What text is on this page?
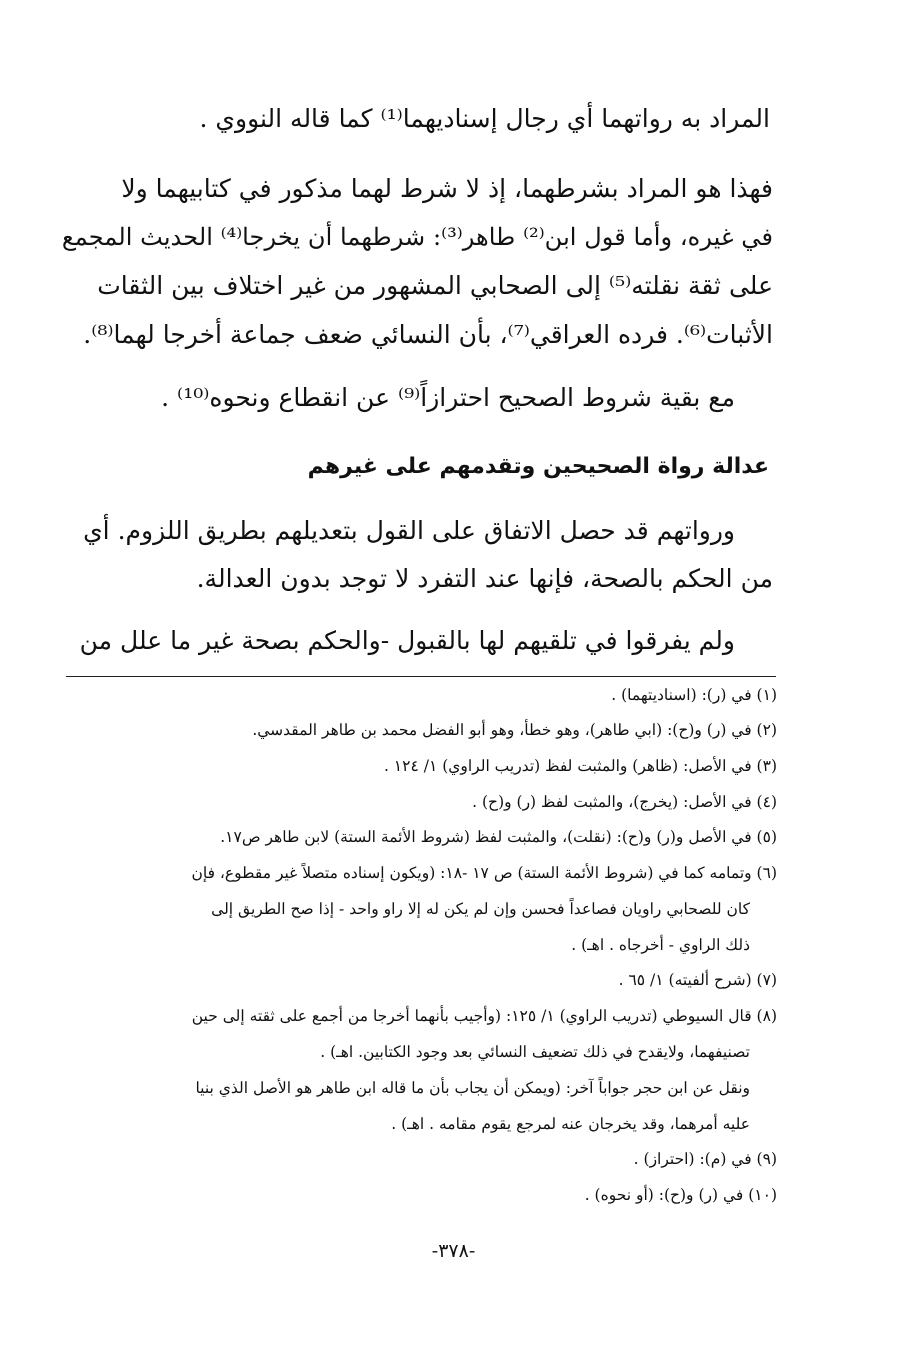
المراد به رواتهما أي رجال إسناديهما⁽¹⁾ كما قاله النووي .
فهذا هو المراد بشرطهما، إذ لا شرط لهما مذكور في كتابيهما ولا
في غيره، وأما قول ابن⁽²⁾ طاهر⁽³⁾: شرطهما أن يخرجا⁽⁴⁾ الحديث المجمع
على ثقة نقلته⁽⁵⁾ إلى الصحابي المشهور من غير اختلاف بين الثقات
الأثبات⁽⁶⁾. فرده العراقي⁽⁷⁾، بأن النسائي ضعف جماعة أخرجا لهما⁽⁸⁾.
مع بقية شروط الصحيح احترازاً⁽⁹⁾ عن انقطاع ونحوه⁽¹⁰⁾ .
عدالة رواة الصحيحين وتقدمهم على غيرهم
ورواتهم قد حصل الاتفاق على القول بتعديلهم بطريق اللزوم. أي
من الحكم بالصحة، فإنها عند التفرد لا توجد بدون العدالة.
ولم يفرقوا في تلقيهم لها بالقبول -والحكم بصحة غير ما علل من
(١) في (ر): (اسناديتهما) .
(٢) في (ر) و(ح): (ابي طاهر)، وهو خطأ، وهو أبو الفضل محمد بن طاهر المقدسي.
(٣) في الأصل: (ظاهر) والمثبت لفظ (تدريب الراوي) ١/ ١٢٤ .
(٤) في الأصل: (يخرج)، والمثبت لفظ (ر) و(ح) .
(٥) في الأصل و(ر) و(ح): (نقلت)، والمثبت لفظ (شروط الأئمة الستة) لابن طاهر ص١٧.
(٦) وتمامه كما في (شروط الأئمة الستة) ص ١٧ -١٨: (ويكون إسناده متصلاً غير مقطوع، فإن
كان للصحابي راويان فصاعداً فحسن وإن لم يكن له إلا راو واحد - إذا صح الطريق إلى
ذلك الراوي - أخرجاه . اهـ) .
(٧) (شرح ألفيته) ١/ ٦٥ .
(٨) قال السيوطي (تدريب الراوي) ١/ ١٢٥: (وأجيب بأنهما أخرجا من أجمع على ثقته إلى حين
تصنيفهما، ولايقدح في ذلك تضعيف النسائي بعد وجود الكتابين. اهـ) .
ونقل عن ابن حجر جواباً آخر: (ويمكن أن يجاب بأن ما قاله ابن طاهر هو الأصل الذي بنيا
عليه أمرهما، وقد يخرجان عنه لمرجع يقوم مقامه . اهـ) .
(٩) في (م): (احتراز) .
(١٠) في (ر) و(ح): (أو نحوه) .
-٣٧٨-
